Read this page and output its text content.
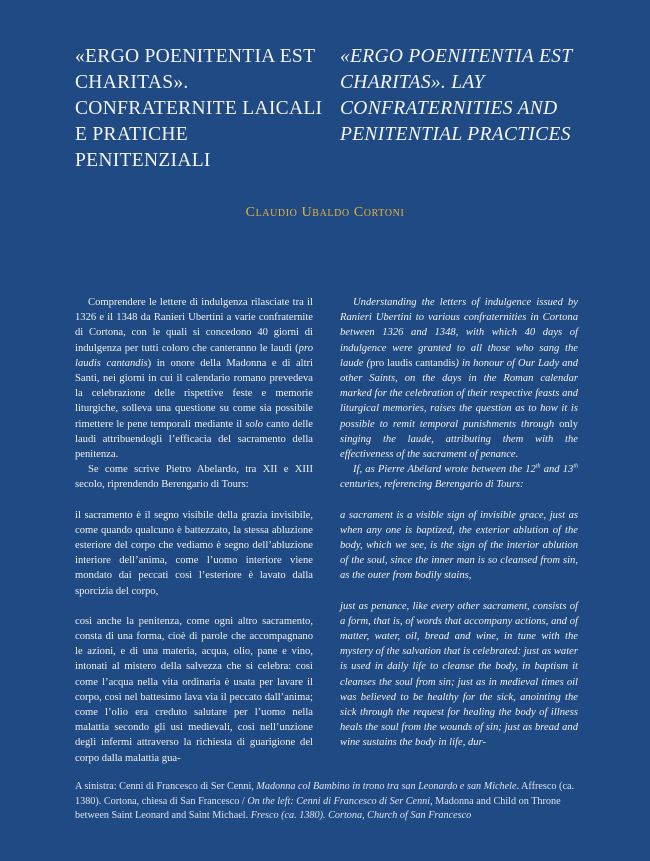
«ERGO POENITENTIA EST CHARITAS». CONFRATERNITE LAICALI E PRATICHE PENITENZIALI
«ERGO POENITENTIA EST CHARITAS». LAY CONFRATERNITIES AND PENITENTIAL PRACTICES
Claudio Ubaldo Cortoni

Comprendere le lettere di indulgenza rilasciate tra il 1326 e il 1348 da Ranieri Ubertini a varie confraternite di Cortona, con le quali si concedono 40 giorni di indulgenza per tutti coloro che canteranno le laudi (pro laudis cantandis) in onore della Madonna e di altri Santi, nei giorni in cui il calendario romano prevedeva la celebrazione delle rispettive feste e memorie liturgiche, solleva una questione su come sia possibile rimettere le pene temporali mediante il solo canto delle laudi attribuendogli l’efficacia del sacramento della penitenza.

Se come scrive Pietro Abelardo, tra XII e XIII secolo, riprendendo Berengario di Tours:

il sacramento è il segno visibile della grazia invisibile, come quando qualcuno è battezzato, la stessa abluzione esteriore del corpo che vediamo è segno dell’abluzione interiore dell’anima, come l’uomo interiore viene mondato dai peccati così l’esteriore è lavato dalla sporcizia del corpo,

così anche la penitenza, come ogni altro sacramento, consta di una forma, cioè di parole che accompagnano le azioni, e di una materia, acqua, olio, pane e vino, intonati al mistero della salvezza che si celebra: così come l’acqua nella vita ordinaria è usata per lavare il corpo, così nel battesimo lava via il peccato dall’anima; come l’olio era creduto salutare per l’uomo nella malattia secondo gli usi medievali, così nell’unzione degli infermi attraverso la richiesta di guarigione del corpo dalla malattia gua-

Understanding the letters of indulgence issued by Ranieri Ubertini to various confraternities in Cortona between 1326 and 1348, with which 40 days of indulgence were granted to all those who sang the laude (pro laudis cantandis) in honour of Our Lady and other Saints, on the days in the Roman calendar marked for the celebration of their respective feasts and liturgical memories, raises the question as to how it is possible to remit temporal punishments through only singing the laude, attributing them with the effectiveness of the sacrament of penance.

If, as Pierre Abélard wrote between the 12th and 13th centuries, referencing Berengario di Tours:

a sacrament is a visible sign of invisible grace, just as when any one is baptized, the exterior ablution of the body, which we see, is the sign of the interior ablution of the soul, since the inner man is so cleansed from sin, as the outer from bodily stains,

just as penance, like every other sacrament, consists of a form, that is, of words that accompany actions, and of matter, water, oil, bread and wine, in tune with the mystery of the salvation that is celebrated: just as water is used in daily life to cleanse the body, in baptism it cleanses the soul from sin; just as in medieval times oil was believed to be healthy for the sick, anointing the sick through the request for healing the body of illness heals the soul from the wounds of sin; just as bread and wine sustains the body in life, dur-

A sinistra: Cenni di Francesco di Ser Cenni, Madonna col Bambino in trono tra san Leonardo e san Michele. Affresco (ca. 1380). Cortona, chiesa di San Francesco / On the left: Cenni di Francesco di Ser Cenni, Madonna and Child on Throne between Saint Leonard and Saint Michael. Fresco (ca. 1380). Cortona, Church of San Francesco
